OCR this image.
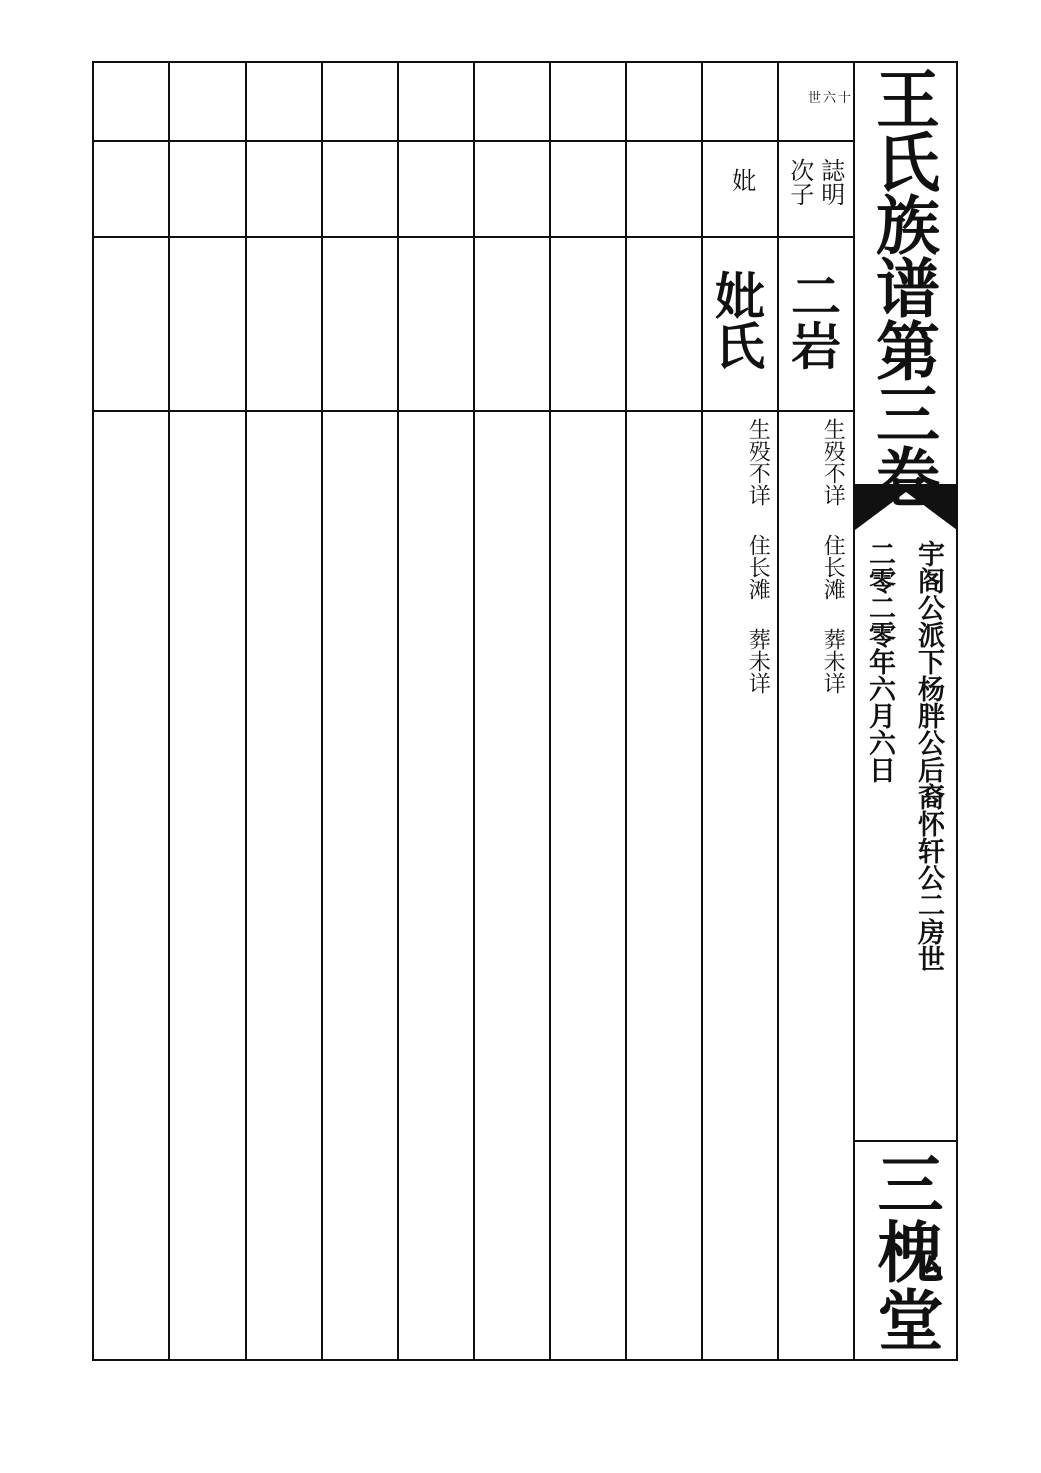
王氏族谱第三卷
宇阁公派下杨胖公后裔怀轩公二房世
二零二零年六月六日
三槐堂
世六十
誌明
次子
妣
二岩
妣氏
生殁不详住长滩葬未详
生殁不详住长滩葬未详
